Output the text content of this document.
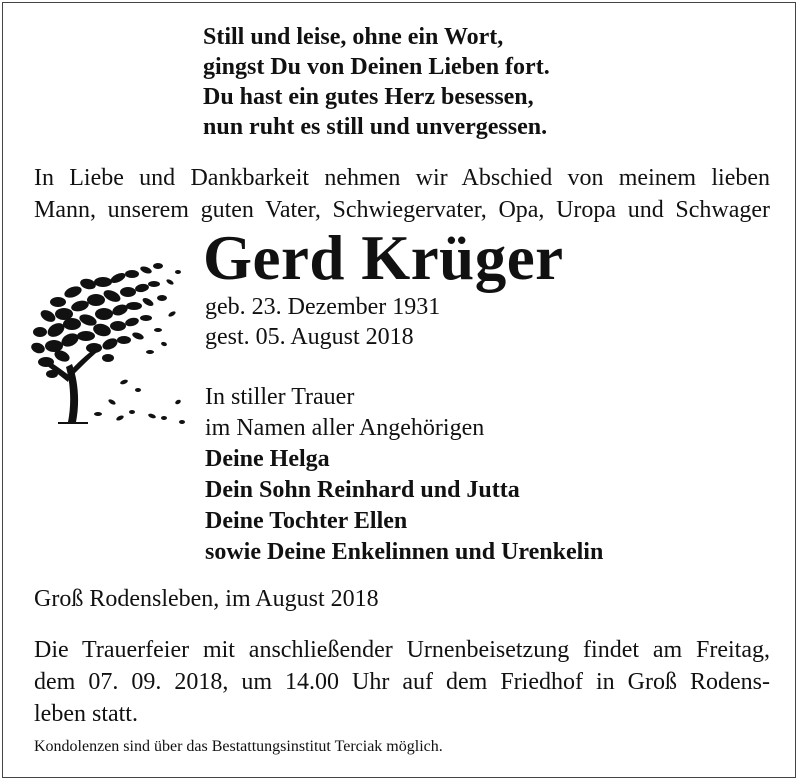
Still und leise, ohne ein Wort,
gingst Du von Deinen Lieben fort.
Du hast ein gutes Herz besessen,
nun ruht es still und unvergessen.
In Liebe und Dankbarkeit nehmen wir Abschied von meinem lieben
Mann, unserem guten Vater, Schwiegervater, Opa, Uropa und Schwager
Gerd Krüger
geb. 23. Dezember 1931
gest. 05. August 2018
In stiller Trauer
im Namen aller Angehörigen
Deine Helga
Dein Sohn Reinhard und Jutta
Deine Tochter Ellen
sowie Deine Enkelinnen und Urenkelin
Groß Rodensleben, im August 2018
Die Trauerfeier mit anschließender Urnenbeisetzung findet am Freitag,
dem 07. 09. 2018, um 14.00 Uhr auf dem Friedhof in Groß Rodens-
leben statt.
Kondolenzen sind über das Bestattungsinstitut Terciak möglich.
